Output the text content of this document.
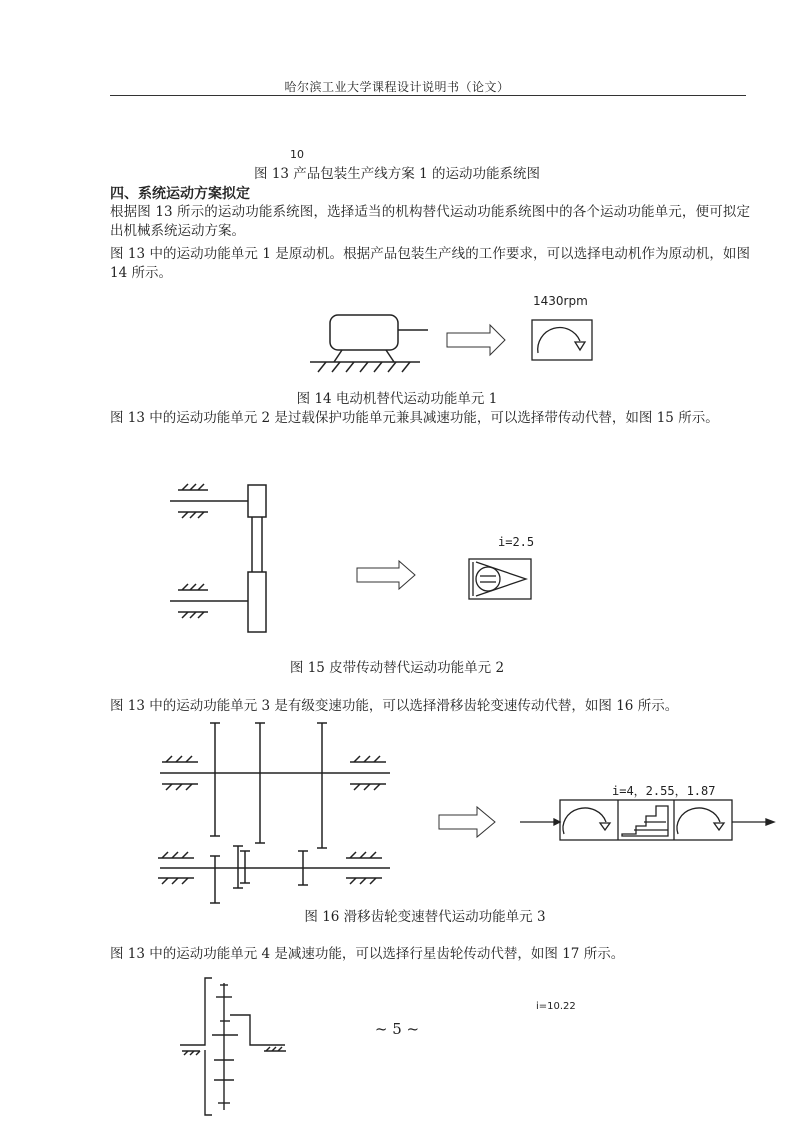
哈尔滨工业大学课程设计说明书（论文）
10
图 13 产品包装生产线方案 1 的运动功能系统图
四、系统运动方案拟定
根据图 13 所示的运动功能系统图，选择适当的机构替代运动功能系统图中的各个运动功能单元，便可拟定出机械系统运动方案。
图 13 中的运动功能单元 1 是原动机。根据产品包装生产线的工作要求，可以选择电动机作为原动机，如图 14 所示。
1430rpm
图 14 电动机替代运动功能单元 1
图 13 中的运动功能单元 2 是过载保护功能单元兼具减速功能，可以选择带传动代替，如图 15 所示。
i=2.5
图 15 皮带传动替代运动功能单元 2
图 13 中的运动功能单元 3 是有级变速功能，可以选择滑移齿轮变速传动代替，如图 16 所示。
i=4，2.55，1.87
图 16 滑移齿轮变速替代运动功能单元 3
图 13 中的运动功能单元 4 是减速功能，可以选择行星齿轮传动代替，如图 17 所示。
i=10.22
~ 5 ~
